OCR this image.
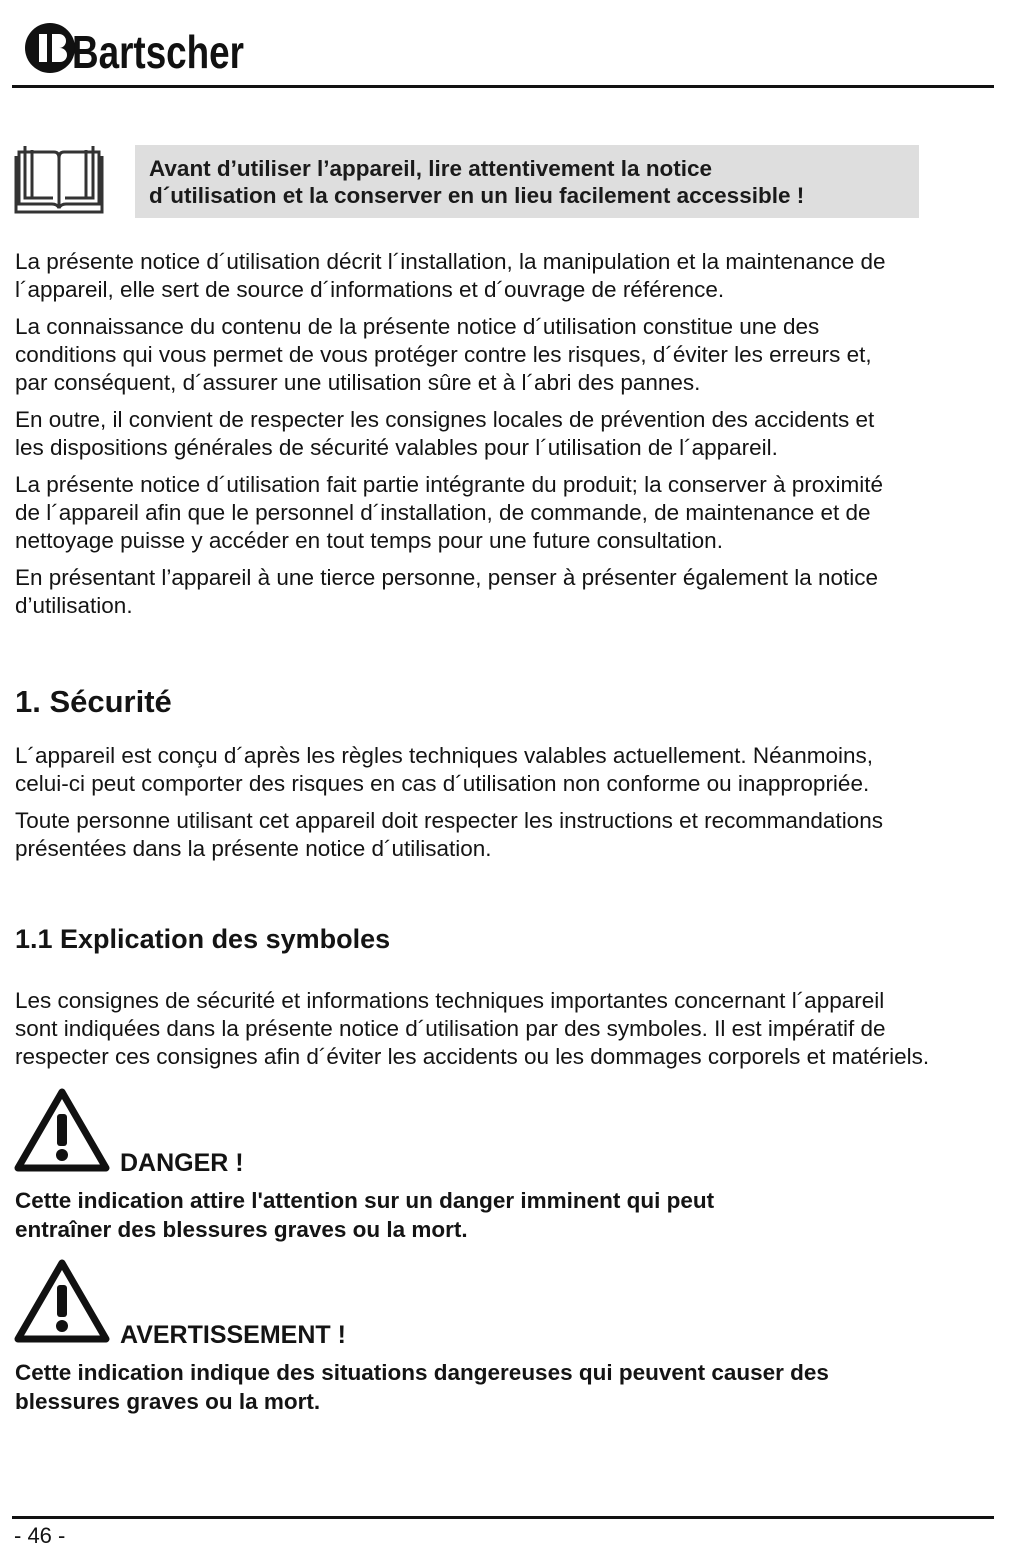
Bartscher
Avant d’utiliser l’appareil, lire attentivement la notice
d´utilisation et la conserver en un lieu facilement accessible !

La présente notice d´utilisation décrit l´installation, la manipulation et la maintenance de
l´appareil, elle sert de source d´informations et d´ouvrage de référence.

La connaissance du contenu de la présente notice d´utilisation constitue une des
conditions qui vous permet de vous protéger contre les risques, d´éviter les erreurs et,
par conséquent, d´assurer une utilisation sûre et à l´abri des pannes.

En outre, il convient de respecter les consignes locales de prévention des accidents et
les dispositions générales de sécurité valables pour l´utilisation de l´appareil.

La présente notice d´utilisation fait partie intégrante du produit; la conserver à proximité
de l´appareil afin que le personnel d´installation, de commande, de maintenance et de
nettoyage puisse y accéder en tout temps pour une future consultation.

En présentant l’appareil à une tierce personne, penser à présenter également la notice
d’utilisation.

1. Sécurité

L´appareil est conçu d´après les règles techniques valables actuellement. Néanmoins,
celui-ci peut comporter des risques en cas d´utilisation non conforme ou inappropriée.

Toute personne utilisant cet appareil doit respecter les instructions et recommandations
présentées dans la présente notice d´utilisation.

1.1 Explication des symboles

Les consignes de sécurité et informations techniques importantes concernant l´appareil
sont indiquées dans la présente notice d´utilisation par des symboles. Il est impératif de
respecter ces consignes afin d´éviter les accidents ou les dommages corporels et matériels.

DANGER !
Cette indication attire l'attention sur un danger imminent qui peut
entraîner des blessures graves ou la mort.
AVERTISSEMENT !
Cette indication indique des situations dangereuses qui peuvent causer des
blessures graves ou la mort.
- 46 -
